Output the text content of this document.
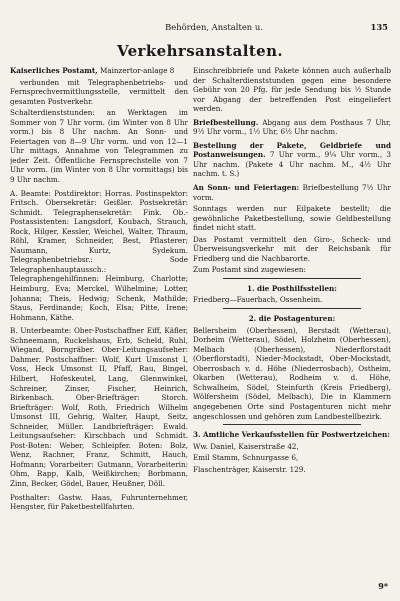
Behörden, Anstalten u.	135
Verkehrsanstalten.

Kaiserliches Postamt, Mainzertor-anlage 8

verbunden mit Telegraphenbetriebs- und Fernsprechvermittlungsstelle, vermittelt den gesamten Postverkehr.

Schalterdienststunden: an Werktagen im Sommer von 7 Uhr vorm. (im Winter von 8 Uhr vorm.) bis 8 Uhr nachm. An Sonn- und Feiertagen von 8—9 Uhr vorm. und von 12—1 Uhr mittags. Annahme von Telegrammen zu jeder Zeit. Öffentliche Fernsprechstelle von 7 Uhr vorm. (im Winter von 8 Uhr vormittags) bis 9 Uhr nachm.

A. Beamte: Postdirektor: Horras. Postinspektor: Fritsch. Obersekretär: Geißler. Postsekretär: Schmidt. Telegraphensekretär: Fink. Ob.-Postassistenten: Langsdorf, Koubach, Strauch, Rock, Hilger, Kessler, Weichel, Walter, Thraum, Röhl, Kramer, Schneider, Best, Pflasterer; Naumann, Kurtz, Sydekum. Telegraphenbetriebsr.: Sode Telegraphenhauptaussch.: Telegraphengehilfinnen: Heimburg, Charlotte; Heimburg, Eva; Merckel, Wilhelmine; Lotter, Johanna; Theis, Hedwig; Schenk, Mathilde; Staus, Ferdinande; Koch, Elsa; Pitte, Irene; Hohmann, Käthe.

B. Unterbeamte: Ober-Postschaffner Eiff, Käfler, Schneemann, Ruckelshaus, Erb, Scheld, Ruhl, Wiegand, Borngräber. Ober-Leitungsaufseher: Dahmer. Postschaffner: Wolf, Kurt Umsonst I, Voss, Heck Umsonst II, Pfaff, Rau, Bingel, Hilbert, Hofeskeutel, Lang, Glennwinkel, Schreiner, Zinser, Fischer, Heinrich, Birkenbach. Ober-Briefträger: Storch. Briefträger: Wolf, Roth, Friedrich Wilhelm Umsonst III, Gehrig, Walter, Haupt, Seitz, Schneider, Müller. Landbriefträger: Ewald. Leitungsaufseher: Kirschbach und Schmidt. Post-Boten: Weber, Schleipfer. Boten: Bolz, Wenz, Rachner, Franz, Schmitt, Hauch, Hofmann; Vorarbeiter: Gutmann, Vorarbeiterin: Ohm, Rapp, Kalb, Weißkirchen; Borbmann, Zinn, Becker, Gödel, Bauer, Heußner, Döll.

Posthalter: Gastw. Haas, Fuhrunternehmer, Hengster, für Paketbestellfahrten.

Einschreibbriefe und Pakete können auch außerhalb der Schalterdienststunden gegen eine besondere Gebühr von 20 Pfg. für jede Sendung bis ½ Stunde vor Abgang der betreffenden Post eingeliefert werden.

Briefbestellung. Abgang aus dem Posthaus 7 Uhr, 9½ Uhr vorm., 1½ Uhr, 6½ Uhr nachm.

Bestellung der Pakete, Geldbriefe und Postanweisungen. 7 Uhr vorm., 9¼ Uhr vorm., 3 Uhr nachm. (Pakete 4 Uhr nachm. M., 4½ Uhr nachm. t. S.)

An Sonn- und Feiertagen: Briefbestellung 7½ Uhr vorm.

Sonntags werden nur Eilpakete bestellt; die gewöhnliche Paketbestellung, sowie Geldbestellung findet nicht statt.

Das Postamt vermittelt den Giro-, Scheck- und Überweisungsverkehr mit der Reichsbank für Friedberg und die Nachbarorte.

Zum Postamt sind zugewiesen:

1. die Posthilfsstellen:

Friedberg—Fauerbach, Ossenheim.

2. die Postagenturen:

Bellersheim (Oberhessen), Berstadt (Wetterau), Dorheim (Wetterau), Södel, Holzheim (Oberhessen), Melbach (Oberhessen), Niederflorstadt (Oberflorstadt), Nieder-Mockstadt, Ober-Mockstadt, Oberrosbach v. d. Höhe (Niederrosbach), Ostheim, Okarben (Wetterau), Rodheim v. d. Höhe, Schwalheim, Södel, Steinfurth (Kreis Friedberg), Wölfersheim (Södel, Melbach), Die in Klammern angegebenen Orte sind Postagenturen nicht mehr angeschlossen und gehören zum Landbestellbezirk.

3. Amtliche Verkaufsstellen für Postwertzeichen:

Ww. Daniel, Kaiserstraße 42,

Emil Stamm, Schnurgasse 6,

Flaschenträger, Kaiserstr. 129.

9*
